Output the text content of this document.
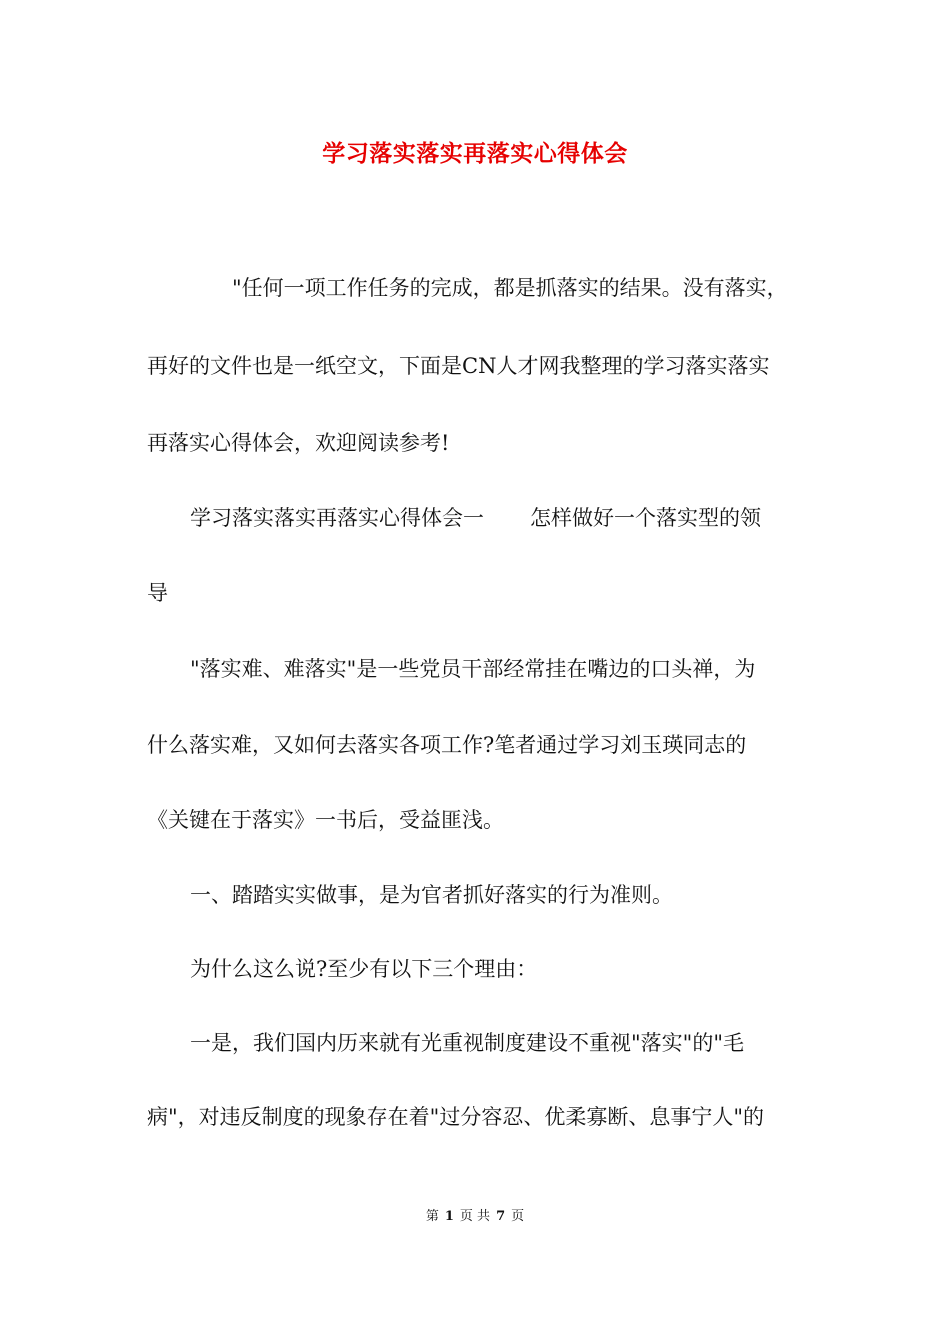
学习落实落实再落实心得体会
"任何一项工作任务的完成，都是抓落实的结果。没有落实，
再好的文件也是一纸空文，下面是CN人才网我整理的学习落实落实
再落实心得体会，欢迎阅读参考!
学习落实落实再落实心得体会一 怎样做好一个落实型的领
导
"落实难、难落实"是一些党员干部经常挂在嘴边的口头禅，为
什么落实难，又如何去落实各项工作?笔者通过学习刘玉瑛同志的
《关键在于落实》一书后，受益匪浅。
一、踏踏实实做事，是为官者抓好落实的行为准则。
为什么这么说?至少有以下三个理由：
一是，我们国内历来就有光重视制度建设不重视"落实"的"毛
病"，对违反制度的现象存在着"过分容忍、优柔寡断、息事宁人"的
第 1 页 共 7 页
